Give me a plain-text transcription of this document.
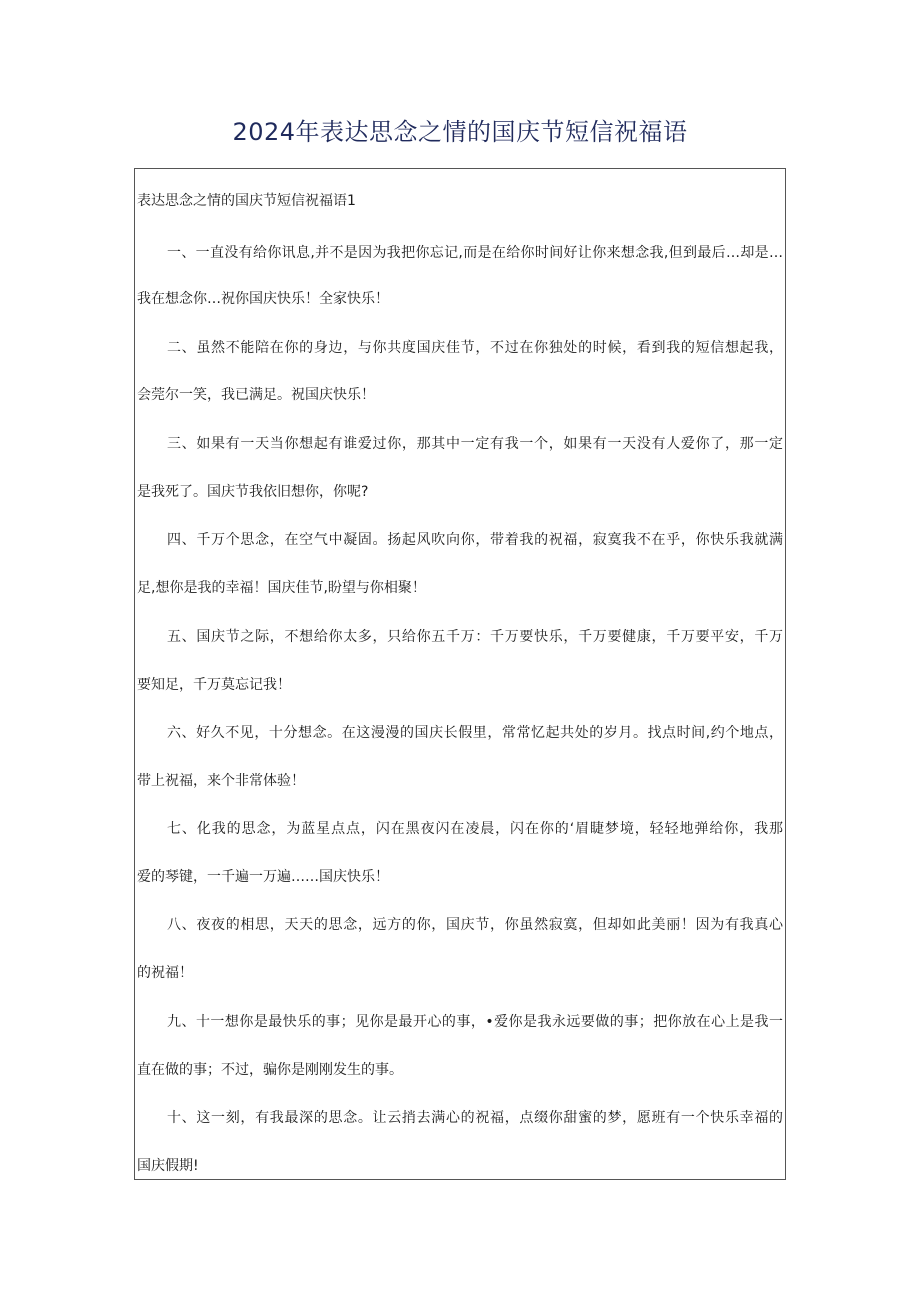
2024年表达思念之情的国庆节短信祝福语
表达思念之情的国庆节短信祝福语1
一、一直没有给你讯息,并不是因为我把你忘记,而是在给你时间好让你来想念我,但到最后…却是…
我在想念你…祝你国庆快乐！全家快乐！
二、虽然不能陪在你的身边，与你共度国庆佳节，不过在你独处的时候，看到我的短信想起我，
会莞尔一笑，我已满足。祝国庆快乐！
三、如果有一天当你想起有谁爱过你，那其中一定有我一个，如果有一天没有人爱你了，那一定
是我死了。国庆节我依旧想你，你呢?
四、千万个思念，在空气中凝固。扬起风吹向你，带着我的祝福，寂寞我不在乎，你快乐我就满
足,想你是我的幸福！国庆佳节,盼望与你相聚！
五、国庆节之际，不想给你太多，只给你五千万：千万要快乐，千万要健康，千万要平安，千万
要知足，千万莫忘记我！
六、好久不见，十分想念。在这漫漫的国庆长假里，常常忆起共处的岁月。找点时间,约个地点，
带上祝福，来个非常体验！
七、化我的思念，为蓝星点点，闪在黑夜闪在凌晨，闪在你的‘眉睫梦境，轻轻地弹给你，我那
爱的琴键，一千遍一万遍……国庆快乐！
八、夜夜的相思，天天的思念，远方的你，国庆节，你虽然寂寞，但却如此美丽！因为有我真心
的祝福！
九、十一想你是最快乐的事；见你是最开心的事，•爱你是我永远要做的事；把你放在心上是我一
直在做的事；不过，骗你是刚刚发生的事。
十、这一刻，有我最深的思念。让云捎去满心的祝福，点缀你甜蜜的梦，愿班有一个快乐幸福的
国庆假期!
